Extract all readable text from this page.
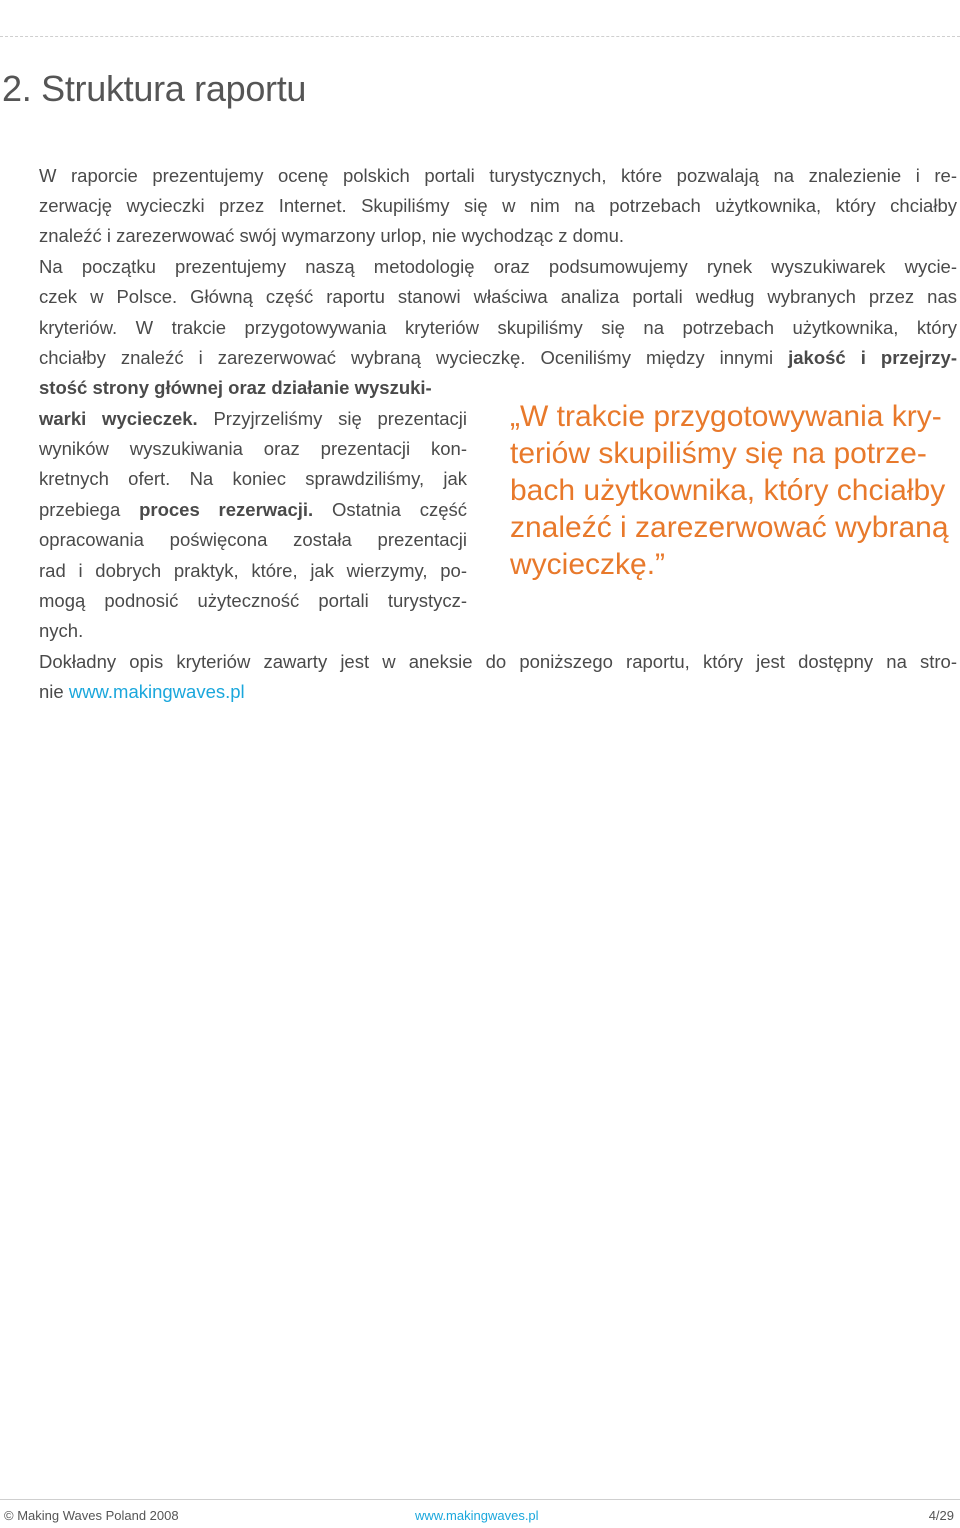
2. Struktura raportu
W raporcie prezentujemy ocenę polskich portali turystycznych, które pozwalają na znalezienie i re-
zerwację wycieczki przez Internet. Skupiliśmy się w nim na potrzebach użytkownika, który chciałby
znaleźć i zarezerwować swój wymarzony urlop, nie wychodząc z domu.
Na początku prezentujemy naszą metodologię oraz podsumowujemy rynek wyszukiwarek wycie-
czek w Polsce. Główną część raportu stanowi właściwa analiza portali według wybranych przez nas
kryteriów. W trakcie przygotowywania kryteriów skupiliśmy się na potrzebach użytkownika, który
chciałby znaleźć i zarezerwować wybraną wycieczkę. Oceniliśmy między innymi jakość i przejrzy-
stość strony głównej oraz działanie wyszuki-
warki wycieczek. Przyjrzeliśmy się prezentacji
wyników wyszukiwania oraz prezentacji kon-
kretnych ofert. Na koniec sprawdziliśmy, jak
przebiega proces rezerwacji. Ostatnia część
opracowania poświęcona została prezentacji
rad i dobrych praktyk, które, jak wierzymy, po-
mogą podnosić użyteczność portali turystycz-
nych.
Dokładny opis kryteriów zawarty jest w aneksie do poniższego raportu, który jest dostępny na stro-
nie www.makingwaves.pl
„W trakcie przygotowywania kry-
teriów skupiliśmy się na potrze-
bach użytkownika, który chciałby
znaleźć i zarezerwować wybraną
wycieczkę.”
© Making Waves Poland 2008	www.makingwaves.pl	4/29
